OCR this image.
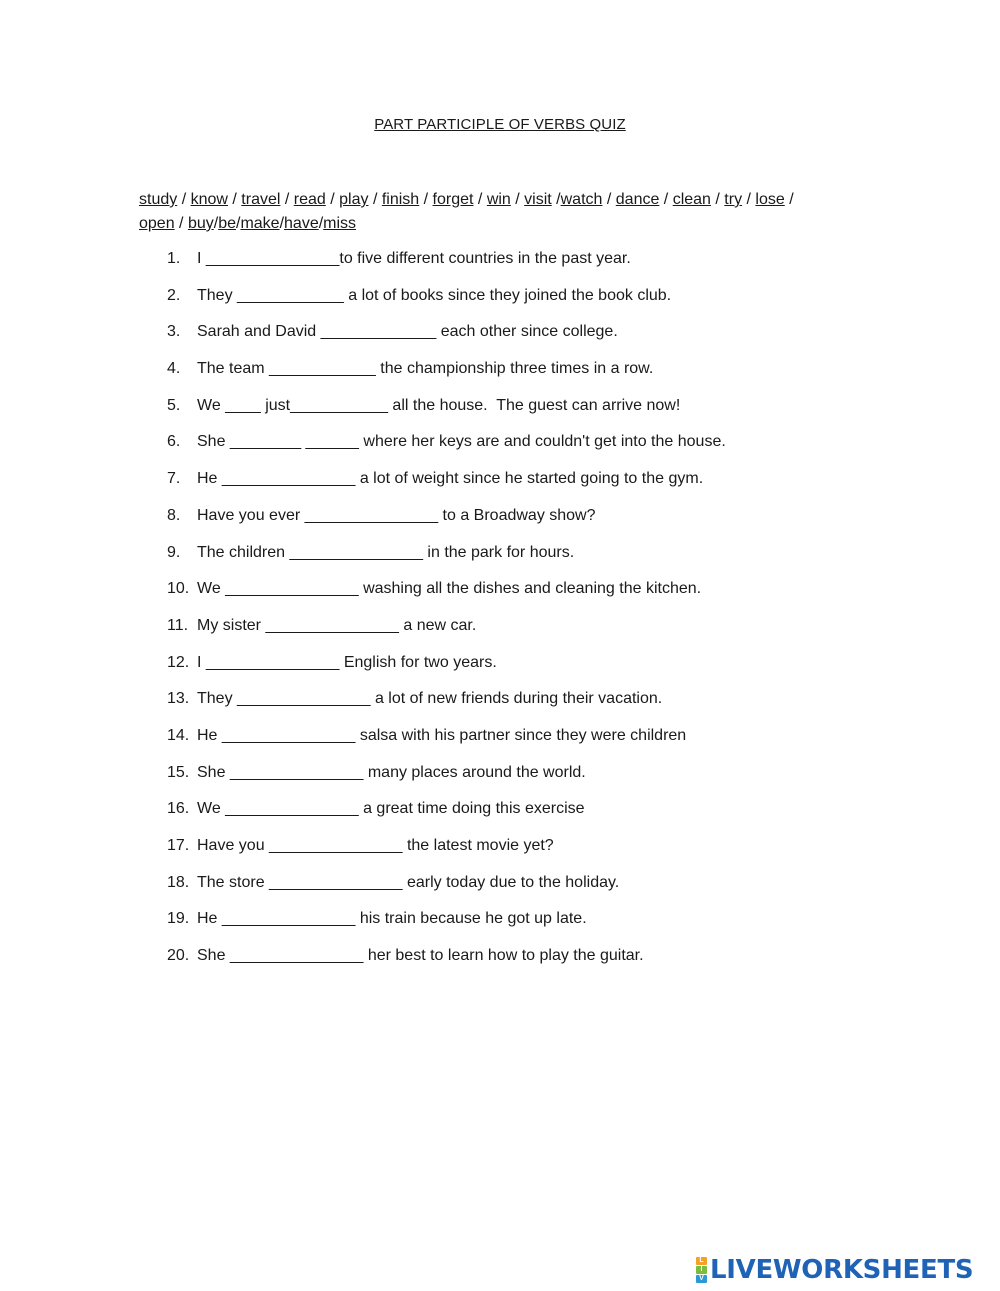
PART PARTICIPLE OF VERBS QUIZ
study / know / travel / read / play / finish / forget / win / visit /watch / dance / clean / try / lose /
open / buy/be/make/have/miss
1. I _______________to five different countries in the past year.
2. They ____________ a lot of books since they joined the book club.
3. Sarah and David _____________ each other since college.
4. The team ____________ the championship three times in a row.
5. We ____ just___________ all the house.  The guest can arrive now!
6. She ________ ______ where her keys are and couldn't get into the house.
7. He _______________ a lot of weight since he started going to the gym.
8. Have you ever _______________ to a Broadway show?
9. The children _______________ in the park for hours.
10. We _______________ washing all the dishes and cleaning the kitchen.
11. My sister _______________ a new car.
12. I _______________ English for two years.
13. They _______________ a lot of new friends during their vacation.
14. He _______________ salsa with his partner since they were children
15. She _______________ many places around the world.
16. We _______________ a great time doing this exercise
17. Have you _______________ the latest movie yet?
18. The store _______________ early today due to the holiday.
19. He _______________ his train because he got up late.
20. She _______________ her best to learn how to play the guitar.
L
I
V LIVEWORKSHEETS
